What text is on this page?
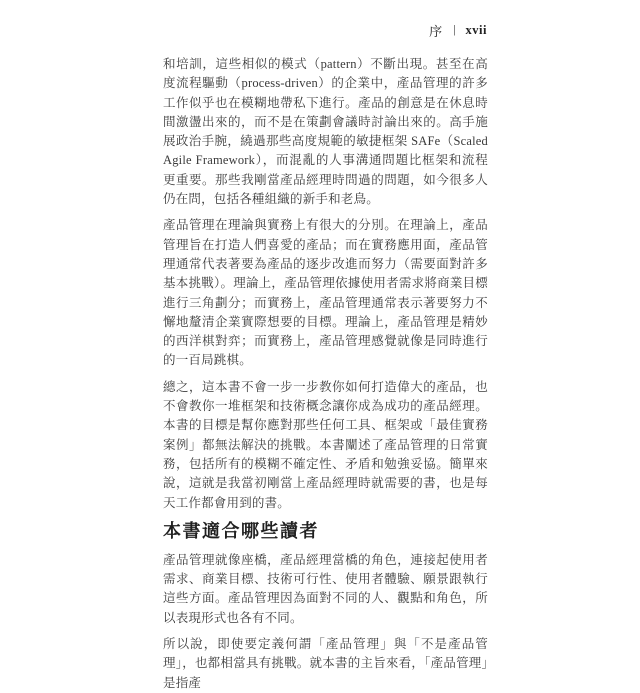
序 | xvii

和培訓，這些相似的模式（pattern）不斷出現。甚至在高度流程驅動（process-driven）的企業中，產品管理的許多工作似乎也在模糊地帶私下進行。產品的創意是在休息時間激盪出來的，而不是在策劃會議時討論出來的。高手施展政治手腕，繞過那些高度規範的敏捷框架 SAFe（Scaled Agile Framework），而混亂的人事溝通問題比框架和流程更重要。那些我剛當產品經理時問過的問題，如今很多人仍在問，包括各種組織的新手和老鳥。

產品管理在理論與實務上有很大的分別。在理論上，產品管理旨在打造人們喜愛的產品；而在實務應用面，產品管理通常代表著要為產品的逐步改進而努力（需要面對許多基本挑戰）。理論上，產品管理依據使用者需求將商業目標進行三角劃分；而實務上，產品管理通常表示著要努力不懈地釐清企業實際想要的目標。理論上，產品管理是精妙的西洋棋對弈；而實務上，產品管理感覺就像是同時進行的一百局跳棋。

總之，這本書不會一步一步教你如何打造偉大的產品，也不會教你一堆框架和技術概念讓你成為成功的產品經理。本書的目標是幫你應對那些任何工具、框架或「最佳實務案例」都無法解決的挑戰。本書闡述了產品管理的日常實務，包括所有的模糊不確定性、矛盾和勉強妥協。簡單來說，這就是我當初剛當上產品經理時就需要的書，也是每天工作都會用到的書。

本書適合哪些讀者

產品管理就像座橋，產品經理當橋的角色，連接起使用者需求、商業目標、技術可行性、使用者體驗、願景跟執行這些方面。產品管理因為面對不同的人、觀點和角色，所以表現形式也各有不同。

所以說，即使要定義何謂「產品管理」與「不是產品管理」，也都相當具有挑戰。就本書的主旨來看，「產品管理」是指產
